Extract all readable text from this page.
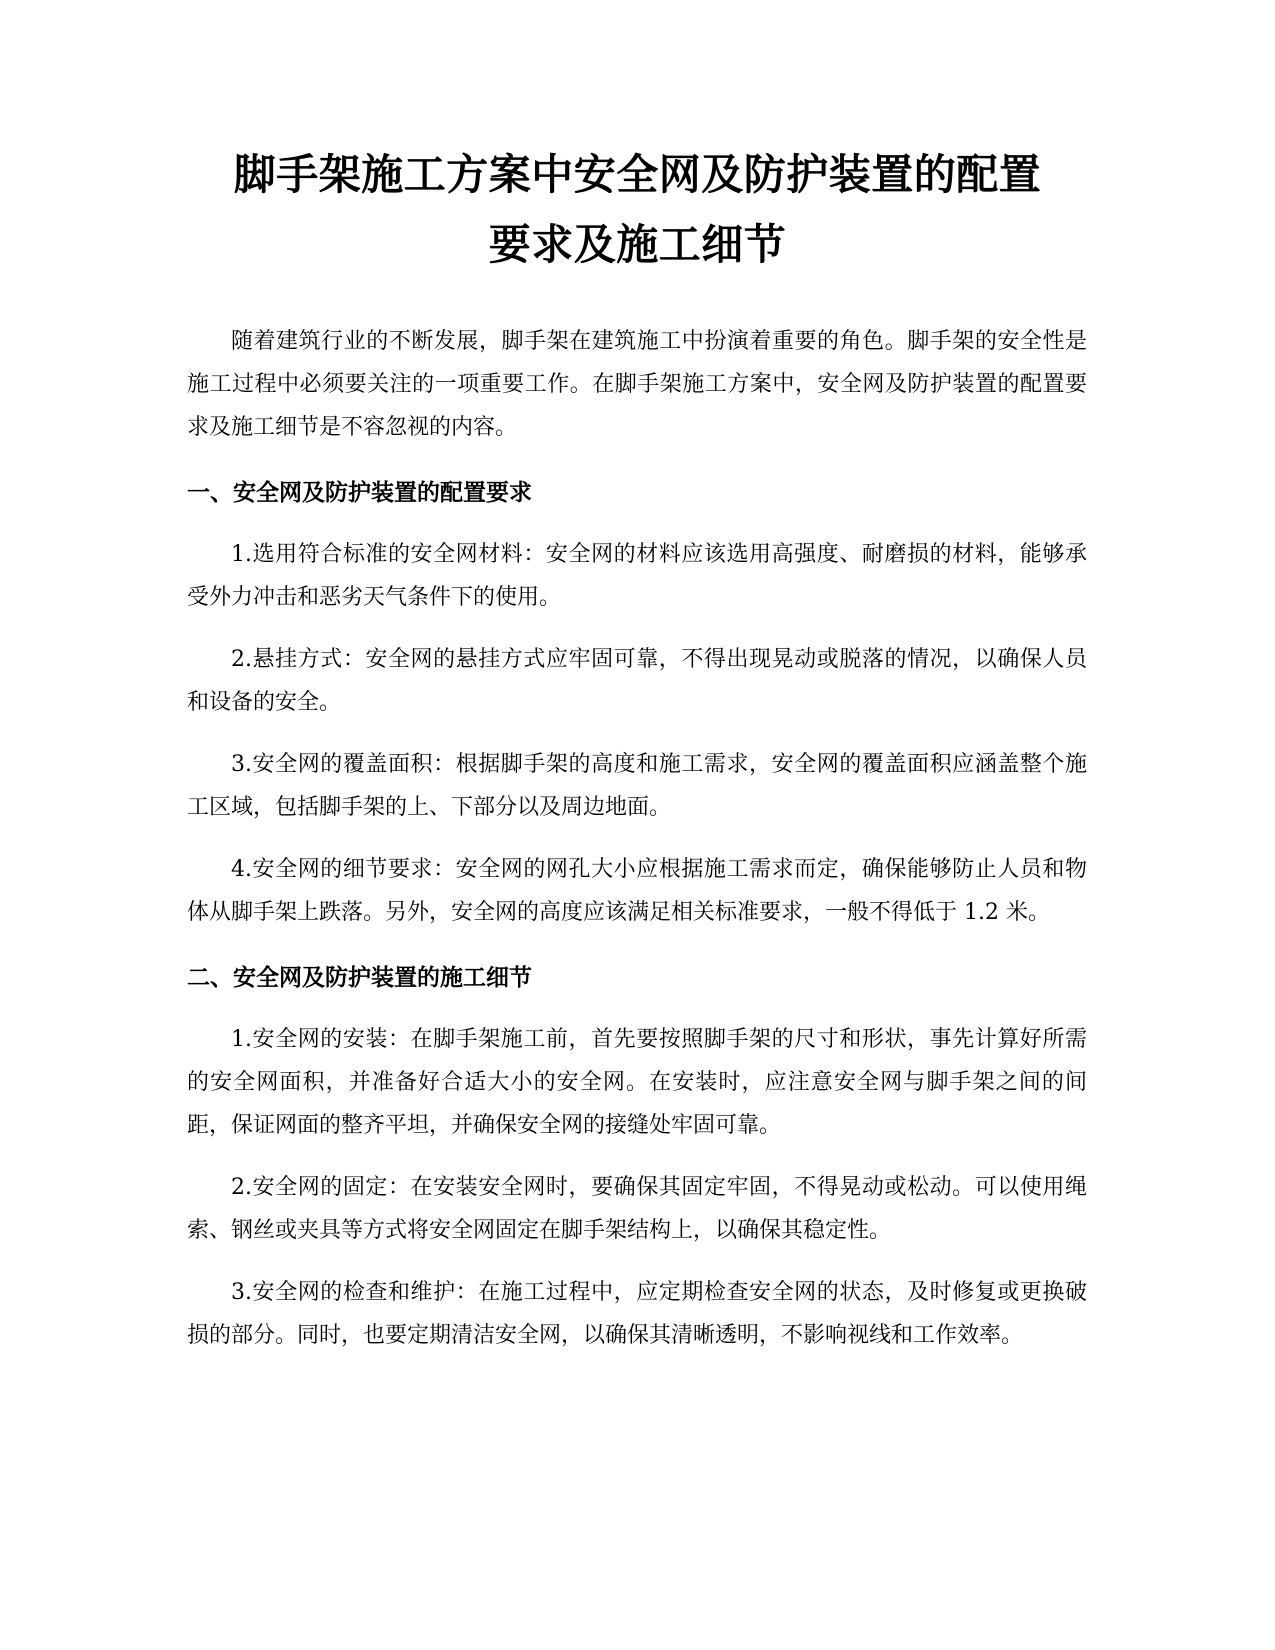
脚手架施工方案中安全网及防护装置的配置
要求及施工细节

随着建筑行业的不断发展，脚手架在建筑施工中扮演着重要的角色。脚手架的安全性是施工过程中必须要关注的一项重要工作。在脚手架施工方案中，安全网及防护装置的配置要求及施工细节是不容忽视的内容。

一、安全网及防护装置的配置要求

1.选用符合标准的安全网材料：安全网的材料应该选用高强度、耐磨损的材料，能够承受外力冲击和恶劣天气条件下的使用。

2.悬挂方式：安全网的悬挂方式应牢固可靠，不得出现晃动或脱落的情况，以确保人员和设备的安全。

3.安全网的覆盖面积：根据脚手架的高度和施工需求，安全网的覆盖面积应涵盖整个施工区域，包括脚手架的上、下部分以及周边地面。

4.安全网的细节要求：安全网的网孔大小应根据施工需求而定，确保能够防止人员和物体从脚手架上跌落。另外，安全网的高度应该满足相关标准要求，一般不得低于 1.2 米。

二、安全网及防护装置的施工细节

1.安全网的安装：在脚手架施工前，首先要按照脚手架的尺寸和形状，事先计算好所需的安全网面积，并准备好合适大小的安全网。在安装时，应注意安全网与脚手架之间的间距，保证网面的整齐平坦，并确保安全网的接缝处牢固可靠。

2.安全网的固定：在安装安全网时，要确保其固定牢固，不得晃动或松动。可以使用绳索、钢丝或夹具等方式将安全网固定在脚手架结构上，以确保其稳定性。

3.安全网的检查和维护：在施工过程中，应定期检查安全网的状态，及时修复或更换破损的部分。同时，也要定期清洁安全网，以确保其清晰透明，不影响视线和工作效率。
